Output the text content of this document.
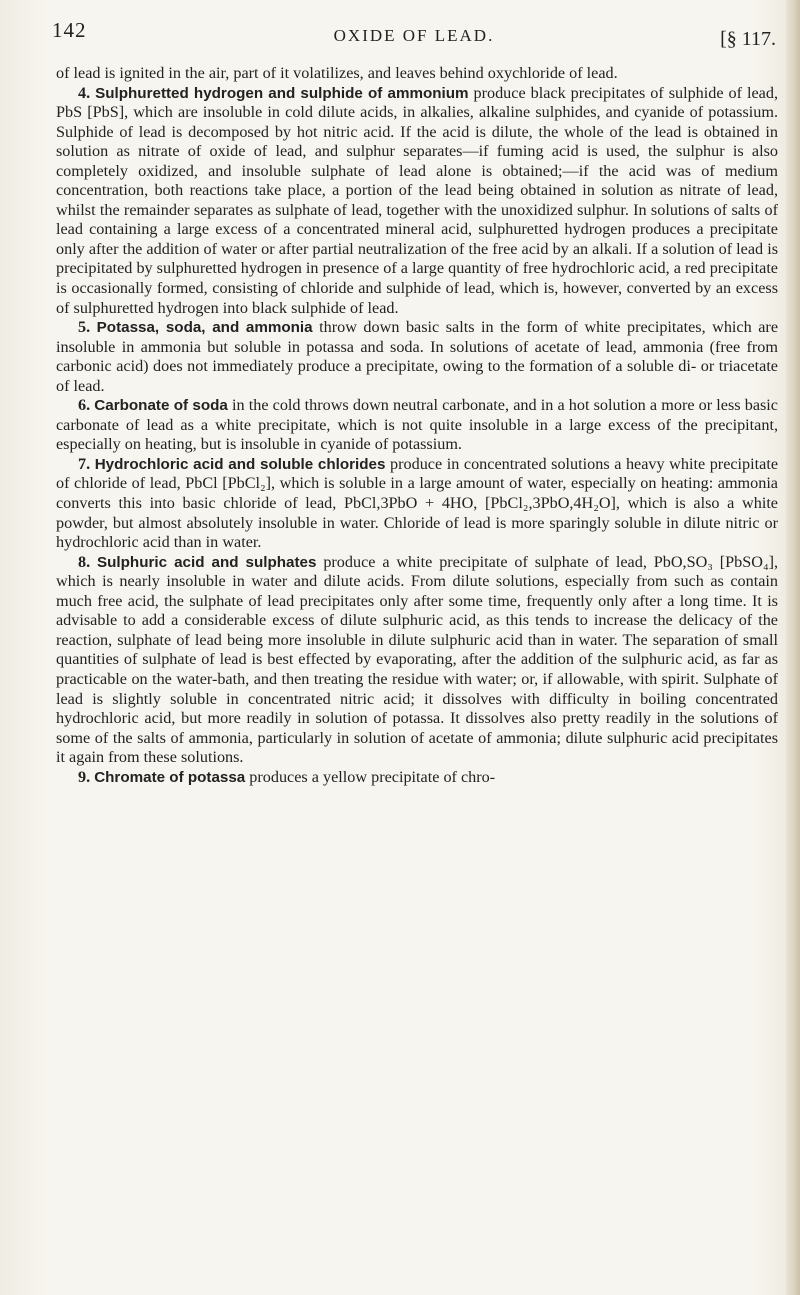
142	OXIDE OF LEAD.	[§ 117.

of lead is ignited in the air, part of it volatilizes, and leaves behind oxychloride of lead.

4. Sulphuretted hydrogen and sulphide of ammonium produce black precipitates of sulphide of lead, PbS [PbS], which are insoluble in cold dilute acids, in alkalies, alkaline sulphides, and cyanide of potassium. Sulphide of lead is decomposed by hot nitric acid. If the acid is dilute, the whole of the lead is obtained in solution as nitrate of oxide of lead, and sulphur separates—if fuming acid is used, the sulphur is also completely oxidized, and insoluble sulphate of lead alone is obtained;—if the acid was of medium concentration, both reactions take place, a portion of the lead being obtained in solution as nitrate of lead, whilst the remainder separates as sulphate of lead, together with the unoxidized sulphur. In solutions of salts of lead containing a large excess of a concentrated mineral acid, sulphuretted hydrogen produces a precipitate only after the addition of water or after partial neutralization of the free acid by an alkali. If a solution of lead is precipitated by sulphuretted hydrogen in presence of a large quantity of free hydrochloric acid, a red precipitate is occasionally formed, consisting of chloride and sulphide of lead, which is, however, converted by an excess of sulphuretted hydrogen into black sulphide of lead.

5. Potassa, soda, and ammonia throw down basic salts in the form of white precipitates, which are insoluble in ammonia but soluble in potassa and soda. In solutions of acetate of lead, ammonia (free from carbonic acid) does not immediately produce a precipitate, owing to the formation of a soluble di- or triacetate of lead.

6. Carbonate of soda in the cold throws down neutral carbonate, and in a hot solution a more or less basic carbonate of lead as a white precipitate, which is not quite insoluble in a large excess of the precipitant, especially on heating, but is insoluble in cyanide of potassium.

7. Hydrochloric acid and soluble chlorides produce in concentrated solutions a heavy white precipitate of chloride of lead, PbCl [PbCl₂], which is soluble in a large amount of water, especially on heating: ammonia converts this into basic chloride of lead, PbCl,3PbO + 4HO, [PbCl₂,3PbO,4H₂O], which is also a white powder, but almost absolutely insoluble in water. Chloride of lead is more sparingly soluble in dilute nitric or hydrochloric acid than in water.

8. Sulphuric acid and sulphates produce a white precipitate of sulphate of lead, PbO,SO₃ [PbSO₄], which is nearly insoluble in water and dilute acids. From dilute solutions, especially from such as contain much free acid, the sulphate of lead precipitates only after some time, frequently only after a long time. It is advisable to add a considerable excess of dilute sulphuric acid, as this tends to increase the delicacy of the reaction, sulphate of lead being more insoluble in dilute sulphuric acid than in water. The separation of small quantities of sulphate of lead is best effected by evaporating, after the addition of the sulphuric acid, as far as practicable on the water-bath, and then treating the residue with water; or, if allowable, with spirit. Sulphate of lead is slightly soluble in concentrated nitric acid; it dissolves with difficulty in boiling concentrated hydrochloric acid, but more readily in solution of potassa. It dissolves also pretty readily in the solutions of some of the salts of ammonia, particularly in solution of acetate of ammonia; dilute sulphuric acid precipitates it again from these solutions.

9. Chromate of potassa produces a yellow precipitate of chro-
